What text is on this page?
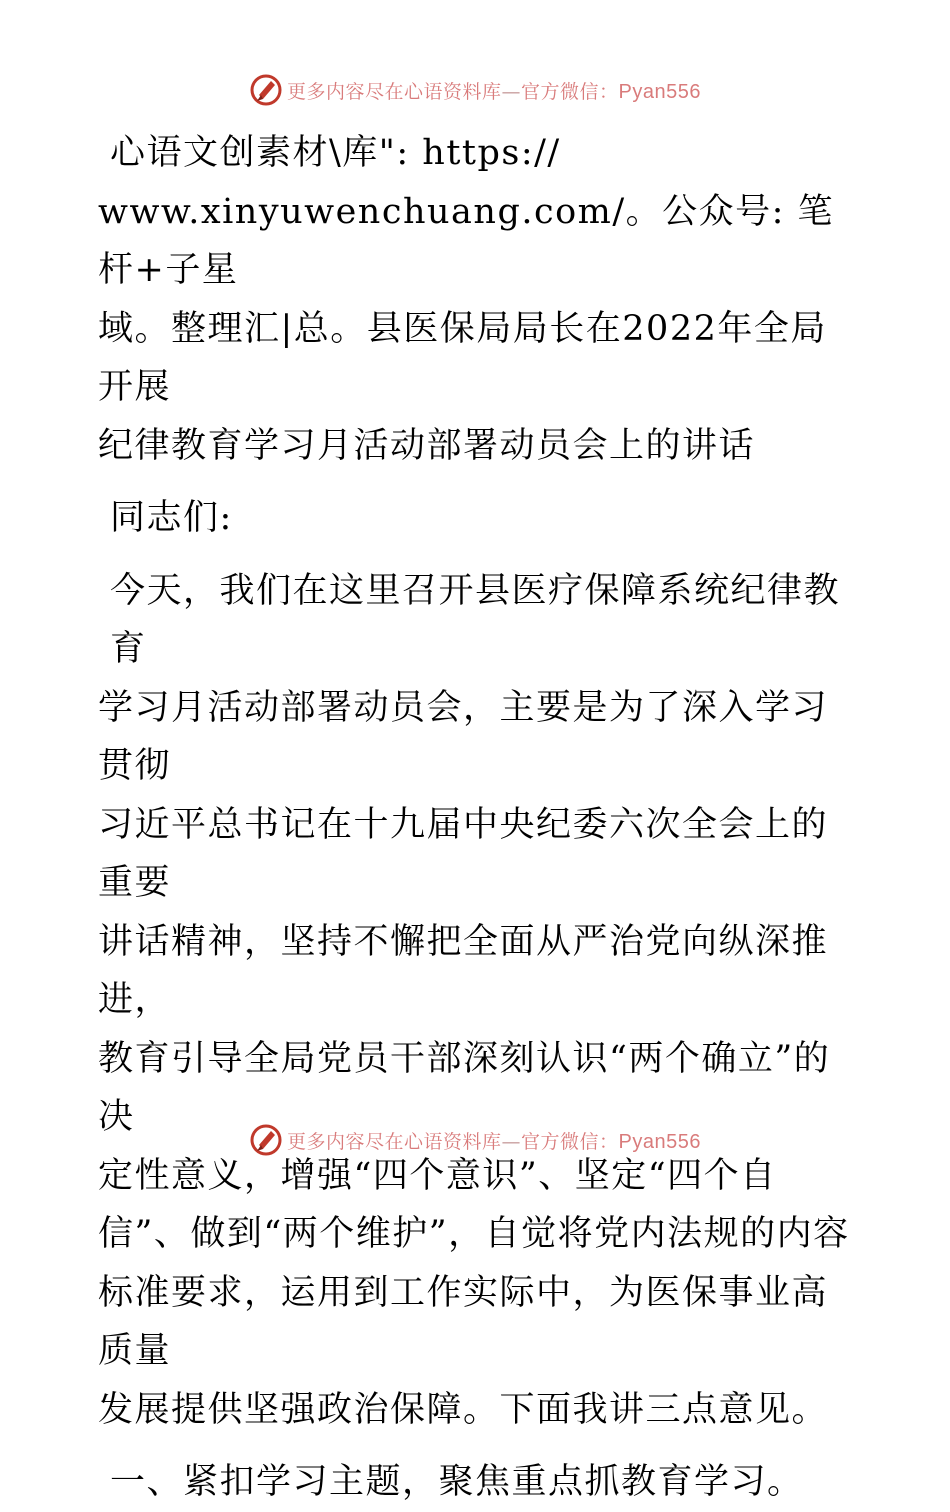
更多内容尽在心语资料库—官方微信：Pyan556

心语文创素材\库": https://

www.xinyuwenchuang.com/。公众号: 笔杆+子星

域。整理汇|总。县医保局局长在2022年全局开展

纪律教育学习月活动部署动员会上的讲话

同志们:

今天，我们在这里召开县医疗保障系统纪律教育

学习月活动部署动员会，主要是为了深入学习贯彻

习近平总书记在十九届中央纪委六次全会上的重要

讲话精神，坚持不懈把全面从严治党向纵深推进，

教育引导全局党员干部深刻认识“两个确立”的决

定性意义，增强“四个意识”、坚定“四个自

信”、做到“两个维护”，自觉将党内法规的内容

标准要求，运用到工作实际中，为医保事业高质量

发展提供坚强政治保障。下面我讲三点意见。

一、紧扣学习主题，聚焦重点抓教育学习。

更多内容尽在心语资料库—官方微信：Pyan556
